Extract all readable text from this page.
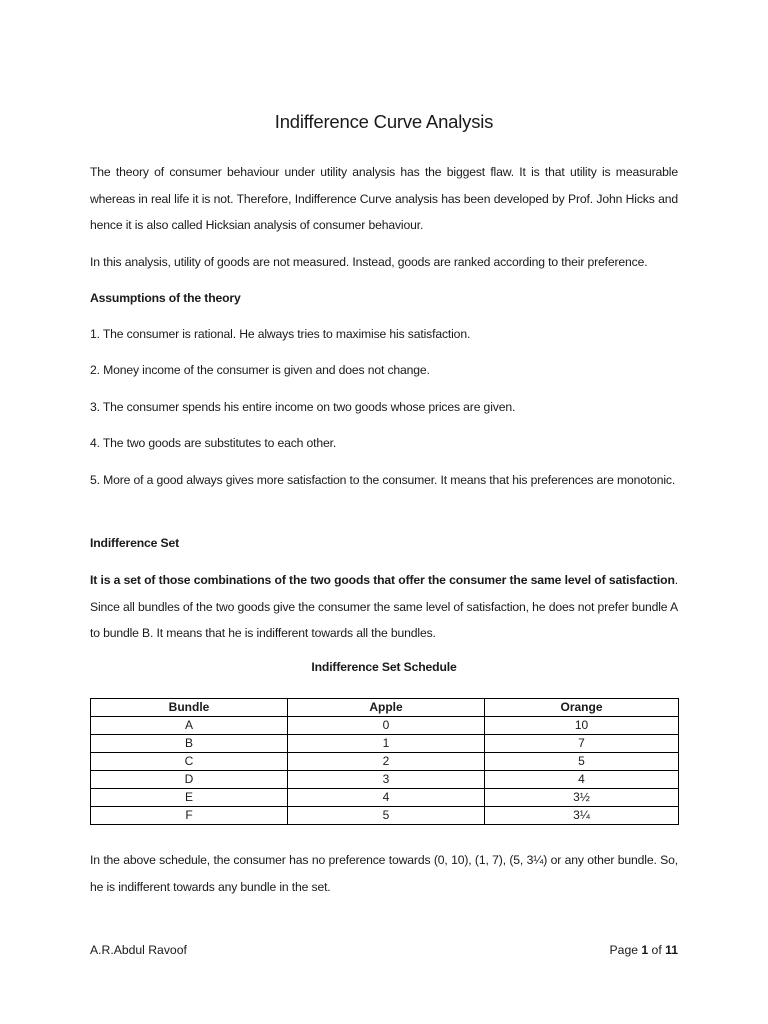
Indifference Curve Analysis
The theory of consumer behaviour under utility analysis has the biggest flaw. It is that utility is measurable whereas in real life it is not. Therefore, Indifference Curve analysis has been developed by Prof. John Hicks and hence it is also called Hicksian analysis of consumer behaviour.
In this analysis, utility of goods are not measured. Instead, goods are ranked according to their preference.
Assumptions of the theory
1. The consumer is rational. He always tries to maximise his satisfaction.
2. Money income of the consumer is given and does not change.
3. The consumer spends his entire income on two goods whose prices are given.
4. The two goods are substitutes to each other.
5. More of a good always gives more satisfaction to the consumer. It means that his preferences are monotonic.
Indifference Set
It is a set of those combinations of the two goods that offer the consumer the same level of satisfaction. Since all bundles of the two goods give the consumer the same level of satisfaction, he does not prefer bundle A to bundle B. It means that he is indifferent towards all the bundles.
Indifference Set Schedule
Bundle	Apple	Orange
A	0	10
B	1	7
C	2	5
D	3	4
E	4	3½
F	5	3¼
In the above schedule, the consumer has no preference towards (0, 10), (1, 7), (5, 3¼) or any other bundle. So, he is indifferent towards any bundle in the set.
A.R.Abdul Ravoof	Page 1 of 11
